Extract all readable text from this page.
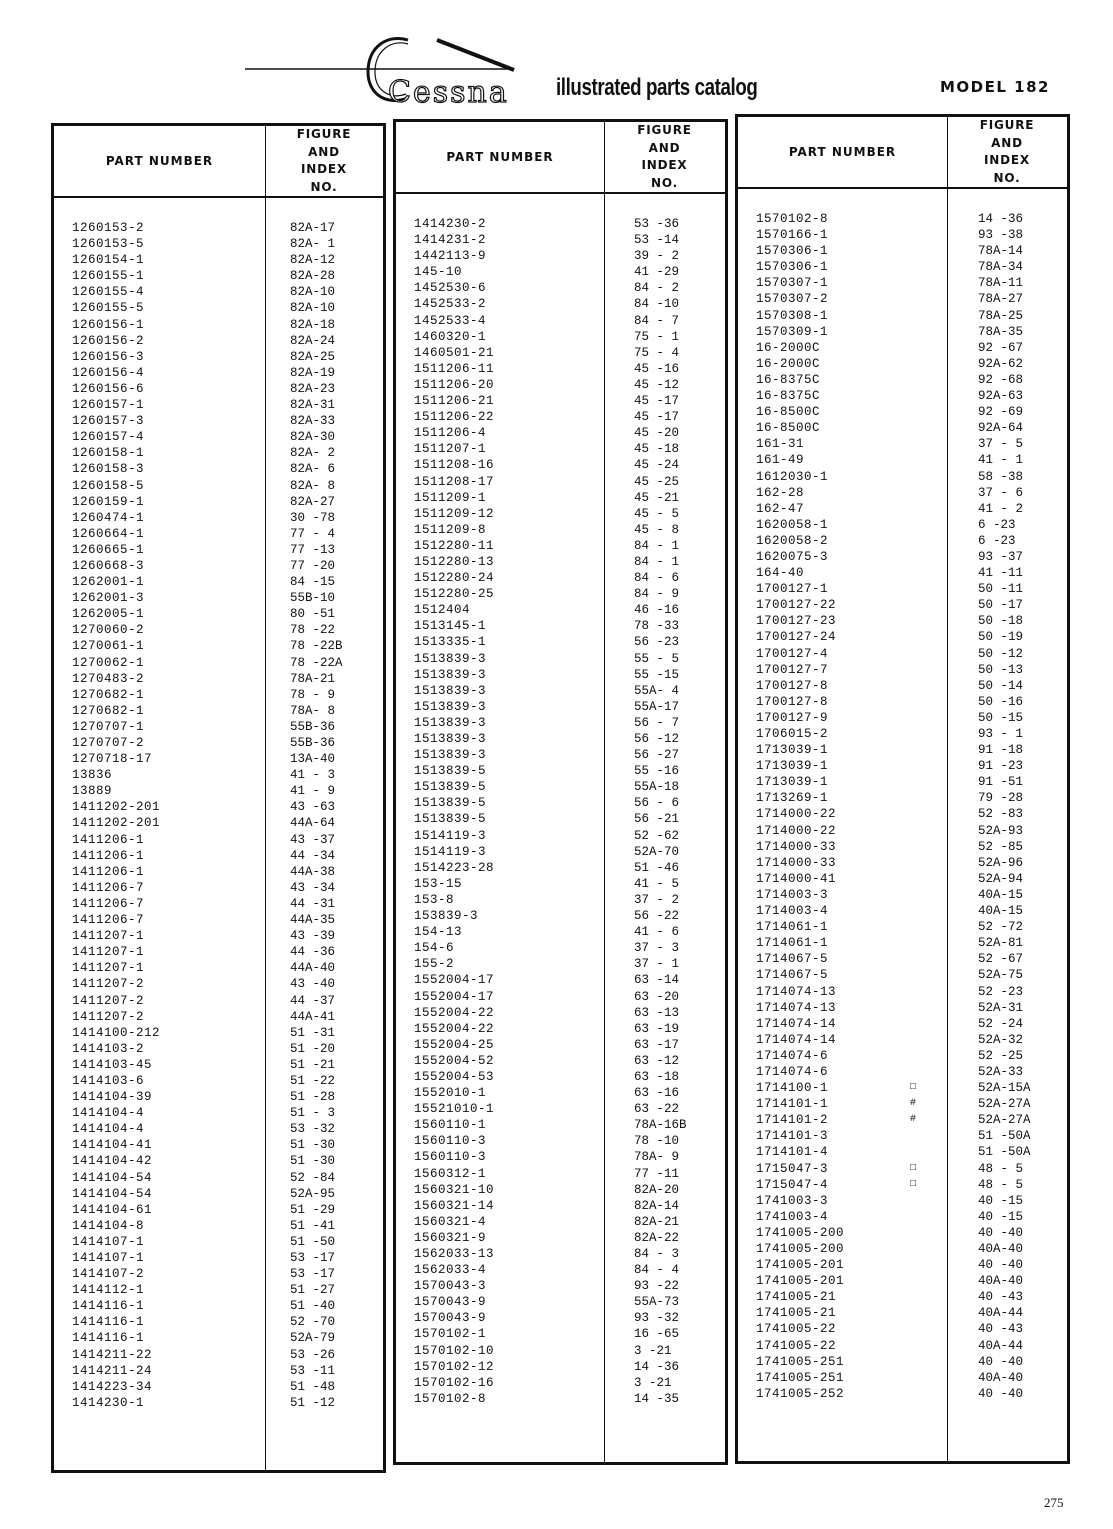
Cessna illustrated parts catalog	MODEL 182
PART NUMBER
FIGURE
AND
INDEX
NO.
1260153-2	82A-17
1260153-5	82A- 1
1260154-1	82A-12
1260155-1	82A-28
1260155-4	82A-10
1260155-5	82A-10
1260156-1	82A-18
1260156-2	82A-24
1260156-3	82A-25
1260156-4	82A-19
1260156-6	82A-23
1260157-1	82A-31
1260157-3	82A-33
1260157-4	82A-30
1260158-1	82A- 2
1260158-3	82A- 6
1260158-5	82A- 8
1260159-1	82A-27
1260474-1	30 -78
1260664-1	77 - 4
1260665-1	77 -13
1260668-3	77 -20
1262001-1	84 -15
1262001-3	55B-10
1262005-1	80 -51
1270060-2	78 -22
1270061-1	78 -22B
1270062-1	78 -22A
1270483-2	78A-21
1270682-1	78 - 9
1270682-1	78A- 8
1270707-1	55B-36
1270707-2	55B-36
1270718-17	13A-40
13836	41 - 3
13889	41 - 9
1411202-201	43 -63
1411202-201	44A-64
1411206-1	43 -37
1411206-1	44 -34
1411206-1	44A-38
1411206-7	43 -34
1411206-7	44 -31
1411206-7	44A-35
1411207-1	43 -39
1411207-1	44 -36
1411207-1	44A-40
1411207-2	43 -40
1411207-2	44 -37
1411207-2	44A-41
1414100-212	51 -31
1414103-2	51 -20
1414103-45	51 -21
1414103-6	51 -22
1414104-39	51 -28
1414104-4	51 - 3
1414104-4	53 -32
1414104-41	51 -30
1414104-42	51 -30
1414104-54	52 -84
1414104-54	52A-95
1414104-61	51 -29
1414104-8	51 -41
1414107-1	51 -50
1414107-1	53 -17
1414107-2	53 -17
1414112-1	51 -27
1414116-1	51 -40
1414116-1	52 -70
1414116-1	52A-79
1414211-22	53 -26
1414211-24	53 -11
1414223-34	51 -48
1414230-1	51 -12
PART NUMBER
FIGURE
AND
INDEX
NO.
1414230-2	53 -36
1414231-2	53 -14
1442113-9	39 - 2
145-10	41 -29
1452530-6	84 - 2
1452533-2	84 -10
1452533-4	84 - 7
1460320-1	75 - 1
1460501-21	75 - 4
1511206-11	45 -16
1511206-20	45 -12
1511206-21	45 -17
1511206-22	45 -17
1511206-4	45 -20
1511207-1	45 -18
1511208-16	45 -24
1511208-17	45 -25
1511209-1	45 -21
1511209-12	45 - 5
1511209-8	45 - 8
1512280-11	84 - 1
1512280-13	84 - 1
1512280-24	84 - 6
1512280-25	84 - 9
1512404	46 -16
1513145-1	78 -33
1513335-1	56 -23
1513839-3	55 - 5
1513839-3	55 -15
1513839-3	55A- 4
1513839-3	55A-17
1513839-3	56 - 7
1513839-3	56 -12
1513839-3	56 -27
1513839-5	55 -16
1513839-5	55A-18
1513839-5	56 - 6
1513839-5	56 -21
1514119-3	52 -62
1514119-3	52A-70
1514223-28	51 -46
153-15	41 - 5
153-8	37 - 2
153839-3	56 -22
154-13	41 - 6
154-6	37 - 3
155-2	37 - 1
1552004-17	63 -14
1552004-17	63 -20
1552004-22	63 -13
1552004-22	63 -19
1552004-25	63 -17
1552004-52	63 -12
1552004-53	63 -18
1552010-1	63 -16
15521010-1	63 -22
1560110-1	78A-16B
1560110-3	78 -10
1560110-3	78A- 9
1560312-1	77 -11
1560321-10	82A-20
1560321-14	82A-14
1560321-4	82A-21
1560321-9	82A-22
1562033-13	84 - 3
1562033-4	84 - 4
1570043-3	93 -22
1570043-9	55A-73
1570043-9	93 -32
1570102-1	16 -65
1570102-10	3 -21
1570102-12	14 -36
1570102-16	3 -21
1570102-8	14 -35
PART NUMBER
FIGURE
AND
INDEX
NO.
1570102-8	14 -36
1570166-1	93 -38
1570306-1	78A-14
1570306-1	78A-34
1570307-1	78A-11
1570307-2	78A-27
1570308-1	78A-25
1570309-1	78A-35
16-2000C	92 -67
16-2000C	92A-62
16-8375C	92 -68
16-8375C	92A-63
16-8500C	92 -69
16-8500C	92A-64
161-31	37 - 5
161-49	41 - 1
1612030-1	58 -38
162-28	37 - 6
162-47	41 - 2
1620058-1	6 -23
1620058-2	6 -23
1620075-3	93 -37
164-40	41 -11
1700127-1	50 -11
1700127-22	50 -17
1700127-23	50 -18
1700127-24	50 -19
1700127-4	50 -12
1700127-7	50 -13
1700127-8	50 -14
1700127-8	50 -16
1700127-9	50 -15
1706015-2	93 - 1
1713039-1	91 -18
1713039-1	91 -23
1713039-1	91 -51
1713269-1	79 -28
1714000-22	52 -83
1714000-22	52A-93
1714000-33	52 -85
1714000-33	52A-96
1714000-41	52A-94
1714003-3	40A-15
1714003-4	40A-15
1714061-1	52 -72
1714061-1	52A-81
1714067-5	52 -67
1714067-5	52A-75
1714074-13	52 -23
1714074-13	52A-31
1714074-14	52 -24
1714074-14	52A-32
1714074-6	52 -25
1714074-6	52A-33
1714100-1	□	52A-15A
1714101-1	#	52A-27A
1714101-2	#	52A-27A
1714101-3	51 -50A
1714101-4	51 -50A
1715047-3	□	48 - 5
1715047-4	□	48 - 5
1741003-3	40 -15
1741003-4	40 -15
1741005-200	40 -40
1741005-200	40A-40
1741005-201	40 -40
1741005-201	40A-40
1741005-21	40 -43
1741005-21	40A-44
1741005-22	40 -43
1741005-22	40A-44
1741005-251	40 -40
1741005-251	40A-40
1741005-252	40 -40
275
